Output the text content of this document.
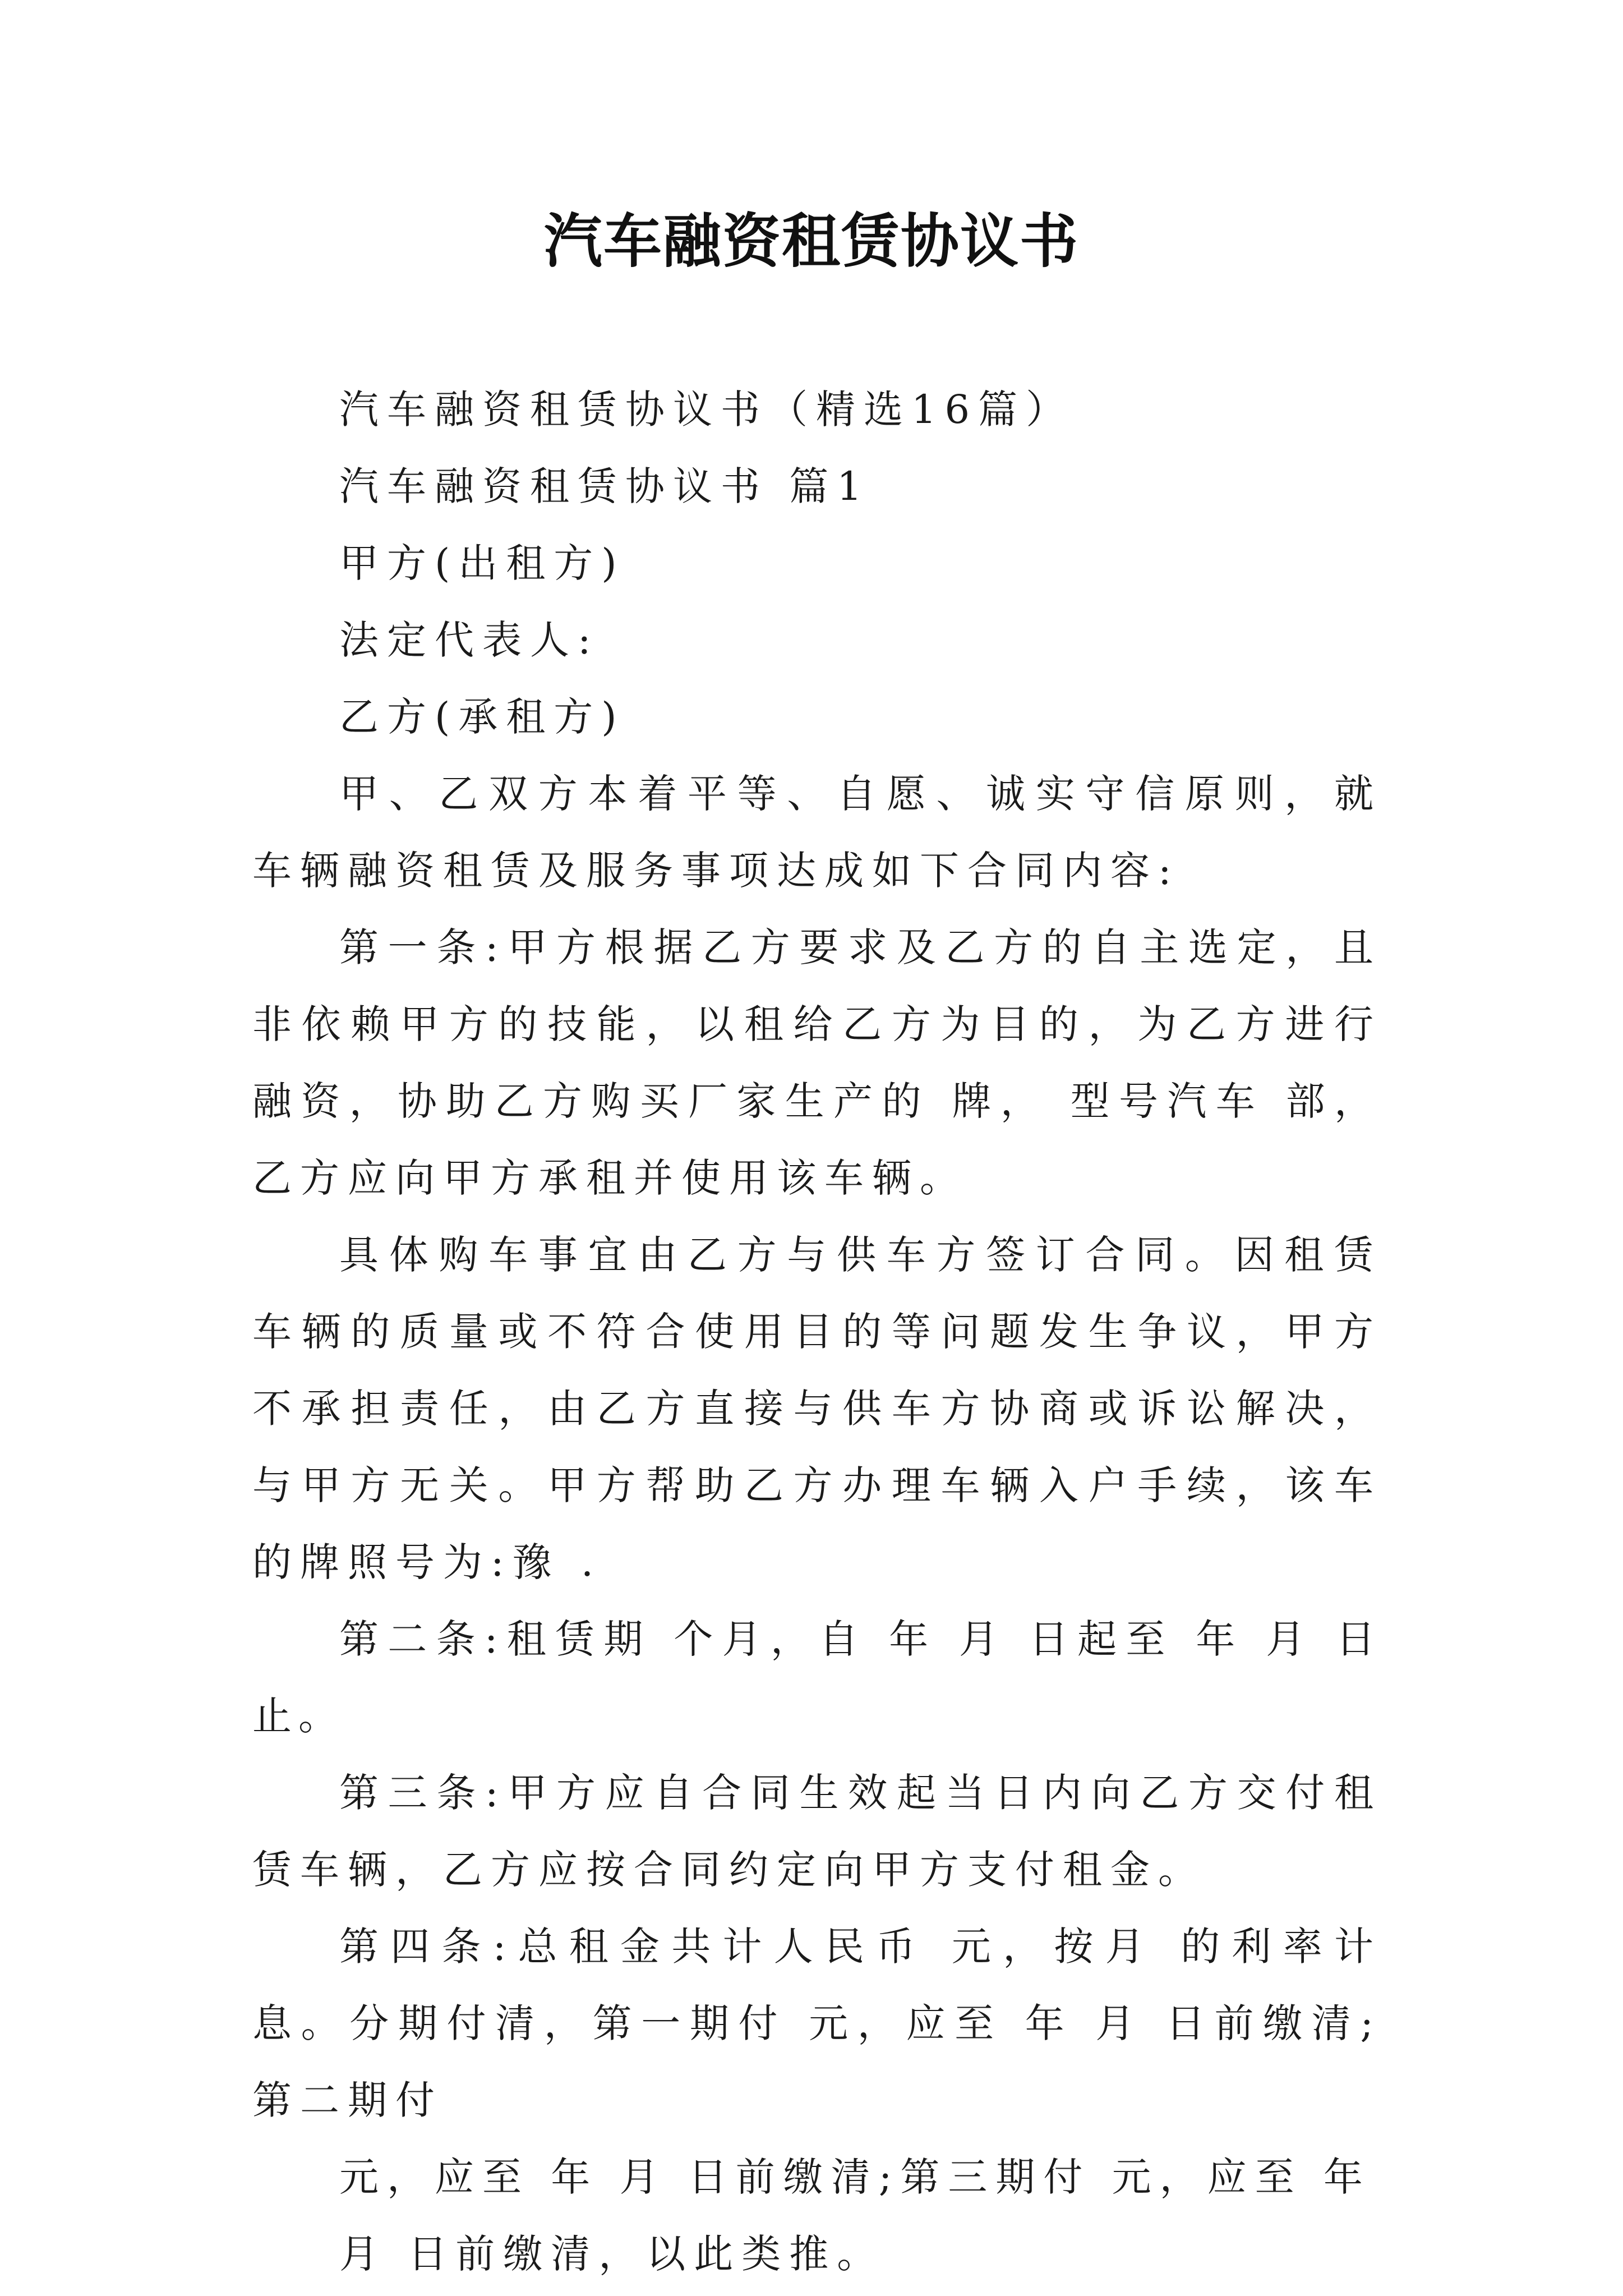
汽车融资租赁协议书

汽车融资租赁协议书（精选16篇）

汽车融资租赁协议书 篇1

甲方(出租方)

法定代表人:

乙方(承租方)

甲、乙双方本着平等、自愿、诚实守信原则，就车辆融资租赁及服务事项达成如下合同内容:

第一条:甲方根据乙方要求及乙方的自主选定，且非依赖甲方的技能，以租给乙方为目的，为乙方进行融资，协助乙方购买厂家生产的 牌， 型号汽车 部，乙方应向甲方承租并使用该车辆。

具体购车事宜由乙方与供车方签订合同。因租赁车辆的质量或不符合使用目的等问题发生争议，甲方不承担责任，由乙方直接与供车方协商或诉讼解决，与甲方无关。甲方帮助乙方办理车辆入户手续，该车的牌照号为:豫 .

第二条:租赁期 个月，自 年 月 日起至 年 月 日止。

第三条:甲方应自合同生效起当日内向乙方交付租赁车辆，乙方应按合同约定向甲方支付租金。

第四条:总租金共计人民币 元，按月 的利率计息。分期付清，第一期付 元，应至 年 月 日前缴清;第二期付

元，应至 年 月 日前缴清;第三期付 元，应至 年

月 日前缴清，以此类推。
